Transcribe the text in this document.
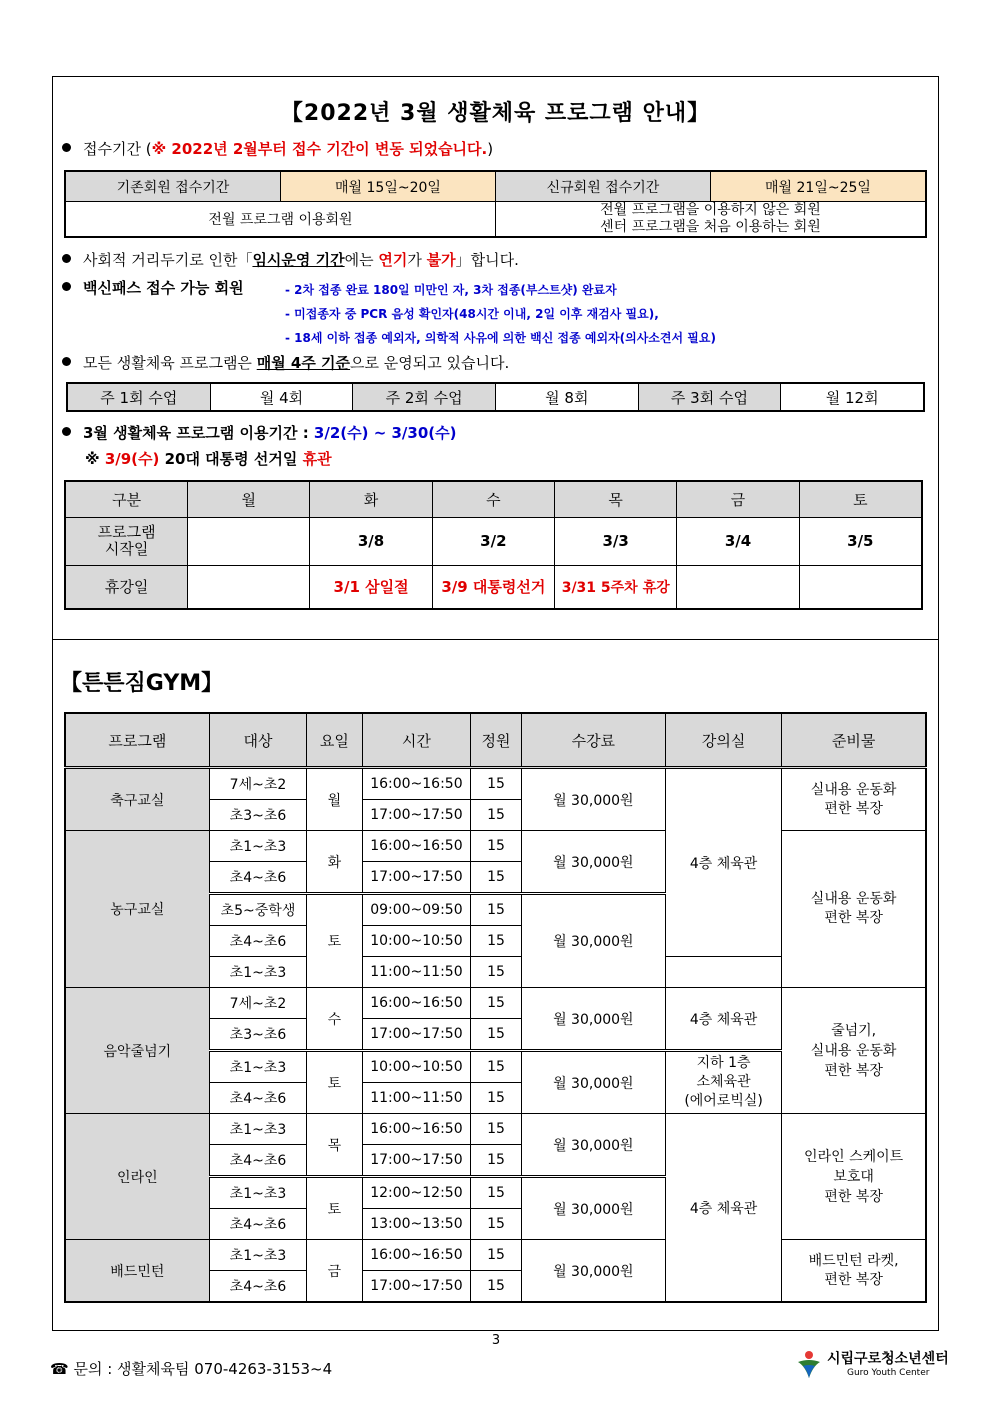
【2022년 3월 생활체육 프로그램 안내】
접수기간 (※ 2022년 2월부터 접수 기간이 변동 되었습니다.)
기존회원 접수기간	매월 15일~20일	신규회원 접수기간	매월 21일~25일
전월 프로그램 이용회원		전월 프로그램을 이용하지 않은 회원
센터 프로그램을 처음 이용하는 회원	
사회적 거리두기로 인한「임시운영 기간에는 연기가 불가」합니다.
백신패스 접수 가능 회원	- 2차 접종 완료 180일 미만인 자, 3차 접종(부스트샷) 완료자
- 미접종자 중 PCR 음성 확인자(48시간 이내, 2일 이후 재검사 필요),
- 18세 이하 접종 예외자, 의학적 사유에 의한 백신 접종 예외자(의사소견서 필요)
모든 생활체육 프로그램은 매월 4주 기준으로 운영되고 있습니다.
주 1회 수업	월 4회	주 2회 수업	월 8회	주 3회 수업	월 12회
3월 생활체육 프로그램 이용기간 : 3/2(수) ~ 3/30(수)
※ 3/9(수) 20대 대통령 선거일 휴관
구분	월	화	수	목	금	토

프로그램
시작일		3/8	3/2	3/3	3/4	3/5
휴강일		3/1 삼일절	3/9 대통령선거	3/31 5주차 휴강		
【튼튼짐GYM】
프로그램	대상	요일	시간	정원	수강료	강의실	준비물
축구교실	7세~초2	월	16:00~16:50	15	월 30,000원	4층 체육관	실내용 운동화
편한 복장

	초3~초6		17:00~17:50	15			
농구교실	초1~초3	화	16:00~16:50	15	월 30,000원		실내용 운동화
편한 복장

	초4~초6		17:00~17:50	15			
	초5~중학생	토	09:00~09:50	15	월 30,000원		
	초4~초6		10:00~10:50	15			
	초1~초3		11:00~11:50	15			
음악줄넘기	7세~초2	수	16:00~16:50	15	월 30,000원	4층 체육관	줄넘기,
실내용 운동화
편한 복장

	초3~초6		17:00~17:50	15			
	초1~초3	토	10:00~10:50	15	월 30,000원	지하 1층
소체육관
(에어로빅실)	

	초4~초6		11:00~11:50	15			
인라인	초1~초3	목	16:00~16:50	15	월 30,000원	4층 체육관	인라인 스케이트
보호대
편한 복장

	초4~초6		17:00~17:50	15			
	초1~초3	토	12:00~12:50	15	월 30,000원		
	초4~초6		13:00~13:50	15			
배드민턴	초1~초3	금	16:00~16:50	15	월 30,000원		배드민턴 라켓,
편한 복장

	초4~초6		17:00~17:50	15			
3
☎ 문의 : 생활체육팀 070-4263-3153~4
시립구로청소년센터
Guro Youth Center
